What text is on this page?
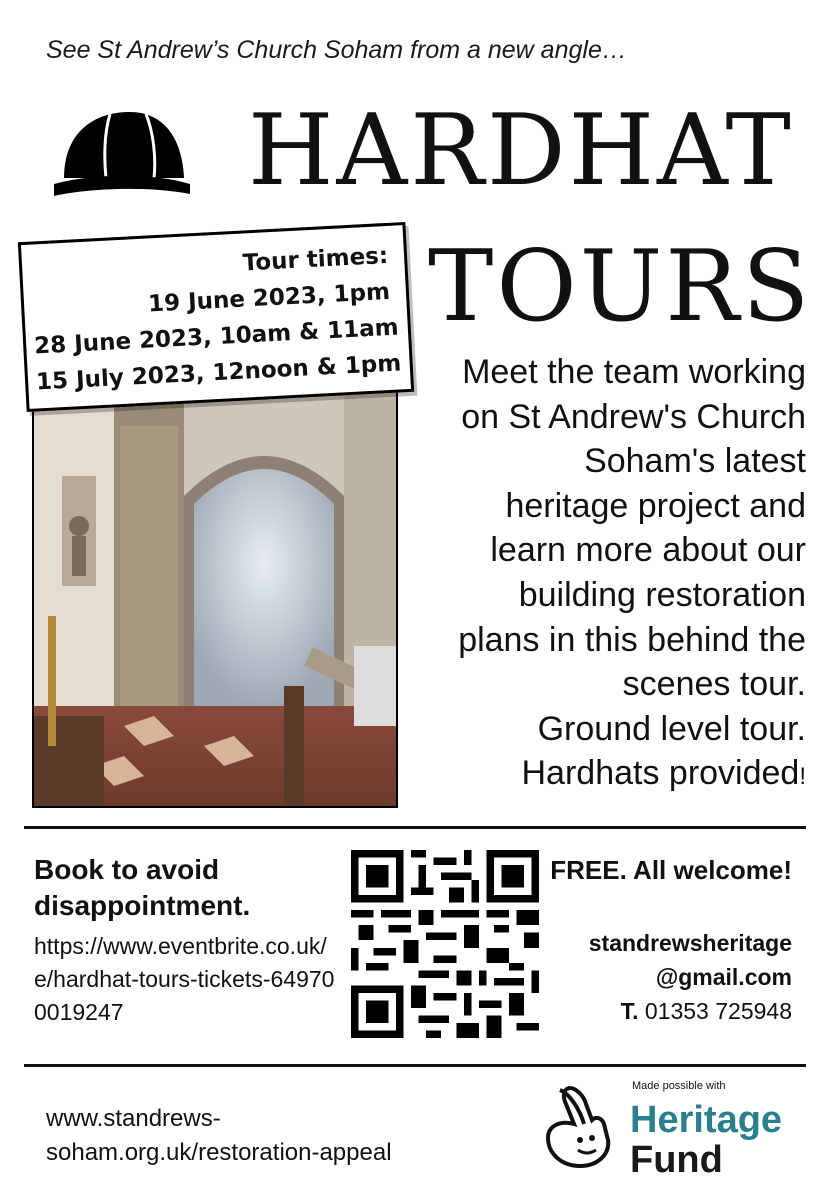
See St Andrew’s Church Soham from a new angle…
HARDHAT
TOURS
Tour times:
19 June 2023, 1pm
28 June 2023, 10am & 11am
15 July 2023, 12noon & 1pm	Meet the team working
on St Andrew's Church
Soham's latest
heritage project and
learn more about our
building restoration
plans in this behind the
scenes tour.
Ground level tour.
Hardhats provided!
Book to avoid disappointment.
https://www.eventbrite.co.uk/e/hardhat-tours-tickets-649700019247
FREE. All welcome!
standrewsheritage
@gmail.com
T. 01353 725948
www.standrews-
soham.org.uk/restoration-appeal
Made possible with
Heritage
Fund
